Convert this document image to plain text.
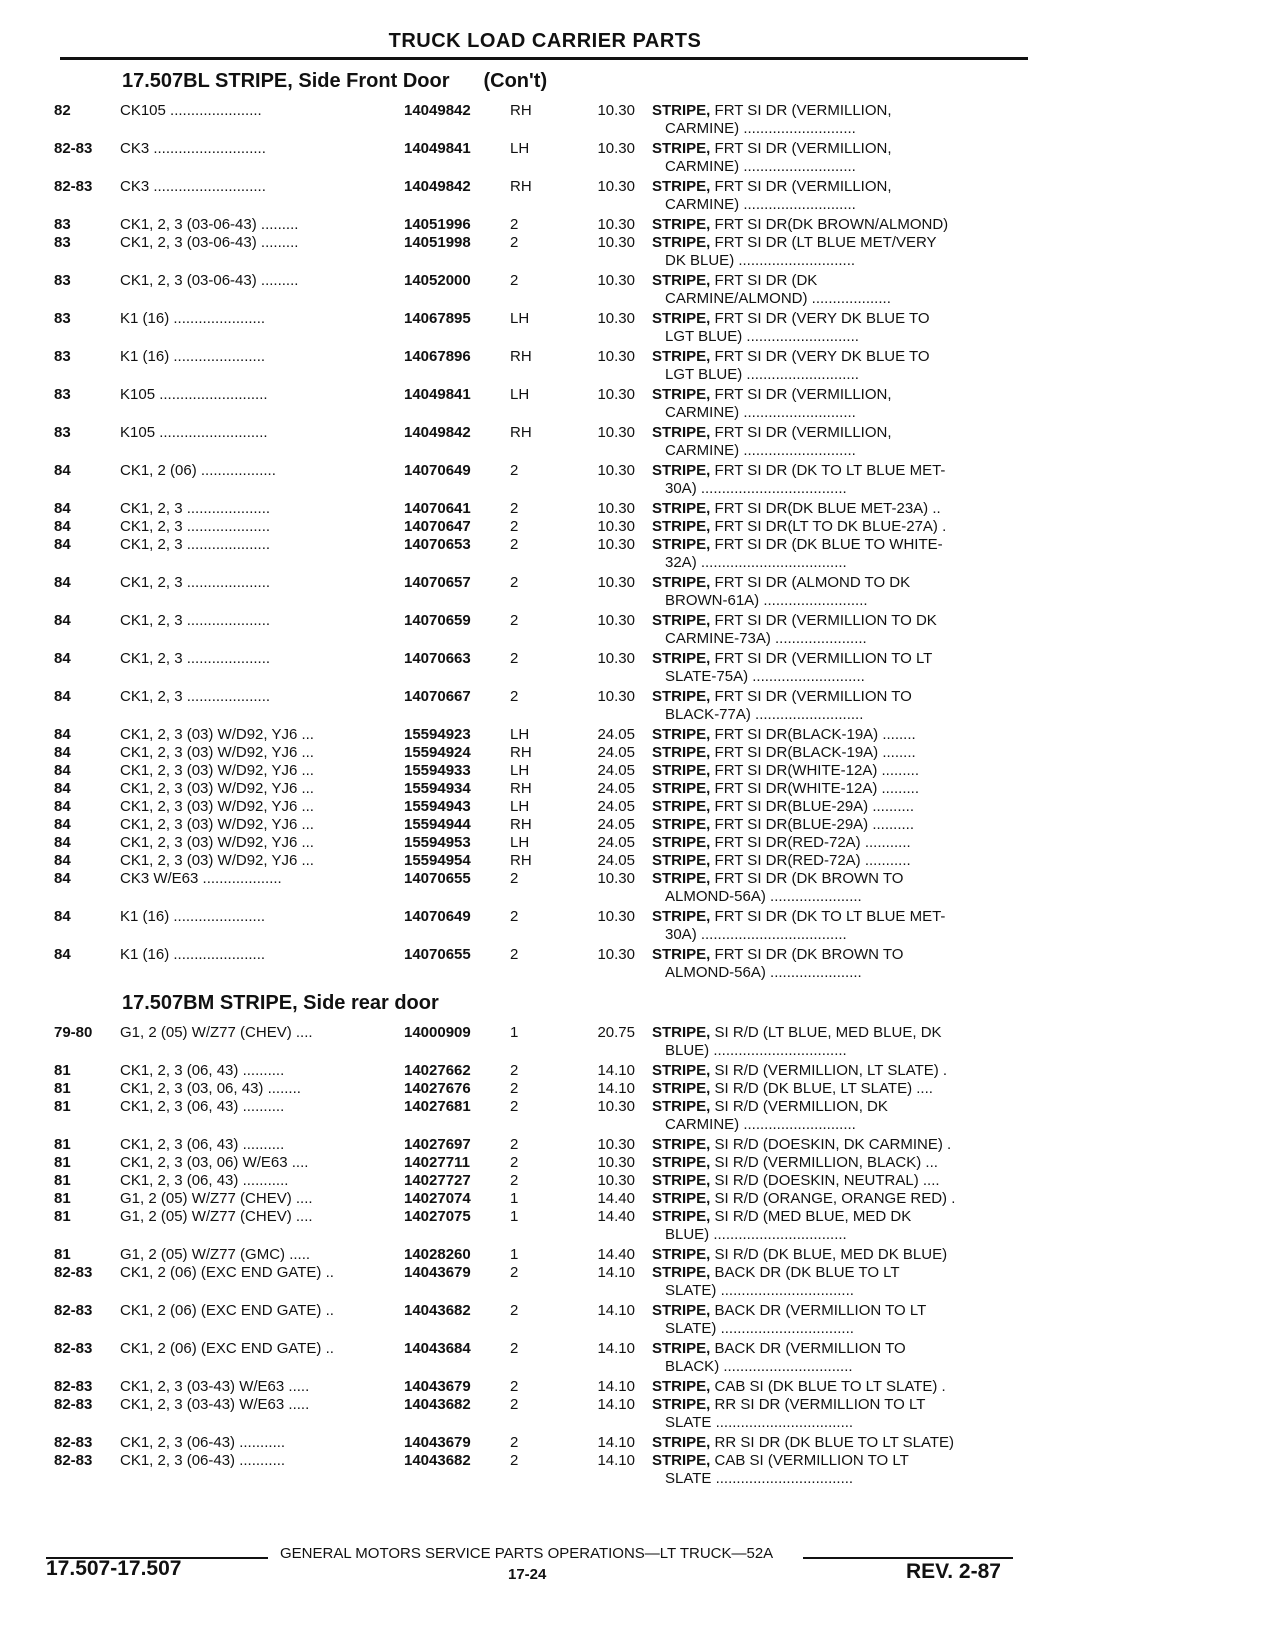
TRUCK LOAD CARRIER PARTS
17.507BL STRIPE, Side Front Door (Con't)
82	CK105 ......................	14049842	RH	10.30 STRIPE, FRT SI DR (VERMILLION,
CARMINE) ...........................
82-83 CK3 ...........................	14049841	LH	10.30 STRIPE, FRT SI DR (VERMILLION,
CARMINE) ...........................
82-83 CK3 ...........................	14049842	RH	10.30 STRIPE, FRT SI DR (VERMILLION,
CARMINE) ...........................
83	CK1, 2, 3 (03-06-43) .........	14051996	2	10.30 STRIPE, FRT SI DR(DK BROWN/ALMOND)
83	CK1, 2, 3 (03-06-43) .........	14051998	2	10.30 STRIPE, FRT SI DR (LT BLUE MET/VERY
DK BLUE) ............................
83	CK1, 2, 3 (03-06-43) .........	14052000	2	10.30 STRIPE, FRT SI DR (DK
CARMINE/ALMOND) ...................
83	K1 (16) ......................	14067895	LH	10.30 STRIPE, FRT SI DR (VERY DK BLUE TO
LGT BLUE) ...........................
83	K1 (16) ......................	14067896	RH	10.30 STRIPE, FRT SI DR (VERY DK BLUE TO
LGT BLUE) ...........................
83	K105 ..........................	14049841	LH	10.30 STRIPE, FRT SI DR (VERMILLION,
CARMINE) ...........................
83	K105 ..........................	14049842	RH	10.30 STRIPE, FRT SI DR (VERMILLION,
CARMINE) ...........................
84	CK1, 2 (06) ..................	14070649	2	10.30 STRIPE, FRT SI DR (DK TO LT BLUE MET-
30A) ...................................
84	CK1, 2, 3 ....................	14070641	2	10.30 STRIPE, FRT SI DR(DK BLUE MET-23A) ..
84	CK1, 2, 3 ....................	14070647	2	10.30 STRIPE, FRT SI DR(LT TO DK BLUE-27A) .
84	CK1, 2, 3 ....................	14070653	2	10.30 STRIPE, FRT SI DR (DK BLUE TO WHITE-
32A) ...................................
84	CK1, 2, 3 ....................	14070657	2	10.30 STRIPE, FRT SI DR (ALMOND TO DK
BROWN-61A) .........................
84	CK1, 2, 3 ....................	14070659	2	10.30 STRIPE, FRT SI DR (VERMILLION TO DK
CARMINE-73A) ......................
84	CK1, 2, 3 ....................	14070663	2	10.30 STRIPE, FRT SI DR (VERMILLION TO LT
SLATE-75A) ...........................
84	CK1, 2, 3 ....................	14070667	2	10.30 STRIPE, FRT SI DR (VERMILLION TO
BLACK-77A) ..........................
84	CK1, 2, 3 (03) W/D92, YJ6 ...	15594923	LH	24.05 STRIPE, FRT SI DR(BLACK-19A) ........
84	CK1, 2, 3 (03) W/D92, YJ6 ...	15594924	RH	24.05 STRIPE, FRT SI DR(BLACK-19A) ........
84	CK1, 2, 3 (03) W/D92, YJ6 ...	15594933	LH	24.05 STRIPE, FRT SI DR(WHITE-12A) .........
84	CK1, 2, 3 (03) W/D92, YJ6 ...	15594934	RH	24.05 STRIPE, FRT SI DR(WHITE-12A) .........
84	CK1, 2, 3 (03) W/D92, YJ6 ...	15594943	LH	24.05 STRIPE, FRT SI DR(BLUE-29A) ..........
84	CK1, 2, 3 (03) W/D92, YJ6 ...	15594944	RH	24.05 STRIPE, FRT SI DR(BLUE-29A) ..........
84	CK1, 2, 3 (03) W/D92, YJ6 ...	15594953	LH	24.05 STRIPE, FRT SI DR(RED-72A) ...........
84	CK1, 2, 3 (03) W/D92, YJ6 ...	15594954	RH	24.05 STRIPE, FRT SI DR(RED-72A) ...........
84	CK3 W/E63 ...................	14070655	2	10.30 STRIPE, FRT SI DR (DK BROWN TO
ALMOND-56A) ......................
84	K1 (16) ......................	14070649	2	10.30 STRIPE, FRT SI DR (DK TO LT BLUE MET-
30A) ...................................
84	K1 (16) ......................	14070655	2	10.30 STRIPE, FRT SI DR (DK BROWN TO
ALMOND-56A) ......................
17.507BM STRIPE, Side rear door
79-80 G1, 2 (05) W/Z77 (CHEV) ....	14000909	1	20.75 STRIPE, SI R/D (LT BLUE, MED BLUE, DK
BLUE) ................................
81	CK1, 2, 3 (06, 43) ..........	14027662	2	14.10 STRIPE, SI R/D (VERMILLION, LT SLATE) .
81	CK1, 2, 3 (03, 06, 43) ........	14027676	2	14.10 STRIPE, SI R/D (DK BLUE, LT SLATE) ....
81	CK1, 2, 3 (06, 43) ..........	14027681	2	10.30 STRIPE, SI R/D (VERMILLION, DK
CARMINE) ...........................
81	CK1, 2, 3 (06, 43) ..........	14027697	2	10.30 STRIPE, SI R/D (DOESKIN, DK CARMINE) .
81	CK1, 2, 3 (03, 06) W/E63 ....	14027711	2	10.30 STRIPE, SI R/D (VERMILLION, BLACK) ...
81	CK1, 2, 3 (06, 43) ...........	14027727	2	10.30 STRIPE, SI R/D (DOESKIN, NEUTRAL) ....
81	G1, 2 (05) W/Z77 (CHEV) ....	14027074	1	14.40 STRIPE, SI R/D (ORANGE, ORANGE RED) .
81	G1, 2 (05) W/Z77 (CHEV) ....	14027075	1	14.40 STRIPE, SI R/D (MED BLUE, MED DK
BLUE) ................................
81	G1, 2 (05) W/Z77 (GMC) .....	14028260	1	14.40 STRIPE, SI R/D (DK BLUE, MED DK BLUE)
82-83 CK1, 2 (06) (EXC END GATE) ..	14043679	2	14.10 STRIPE, BACK DR (DK BLUE TO LT
SLATE) ................................
82-83 CK1, 2 (06) (EXC END GATE) ..	14043682	2	14.10 STRIPE, BACK DR (VERMILLION TO LT
SLATE) ................................
82-83 CK1, 2 (06) (EXC END GATE) ..	14043684	2	14.10 STRIPE, BACK DR (VERMILLION TO
BLACK) ...............................
82-83 CK1, 2, 3 (03-43) W/E63 .....	14043679	2	14.10 STRIPE, CAB SI (DK BLUE TO LT SLATE) .
82-83 CK1, 2, 3 (03-43) W/E63 .....	14043682	2	14.10 STRIPE, RR SI DR (VERMILLION TO LT
SLATE .................................
82-83 CK1, 2, 3 (06-43) ...........	14043679	2	14.10 STRIPE, RR SI DR (DK BLUE TO LT SLATE)
82-83 CK1, 2, 3 (06-43) ...........	14043682	2	14.10 STRIPE, CAB SI (VERMILLION TO LT
SLATE .................................
GENERAL MOTORS SERVICE PARTS OPERATIONS—LT TRUCK—52A
17.507-17.507	17-24	REV. 2-87
